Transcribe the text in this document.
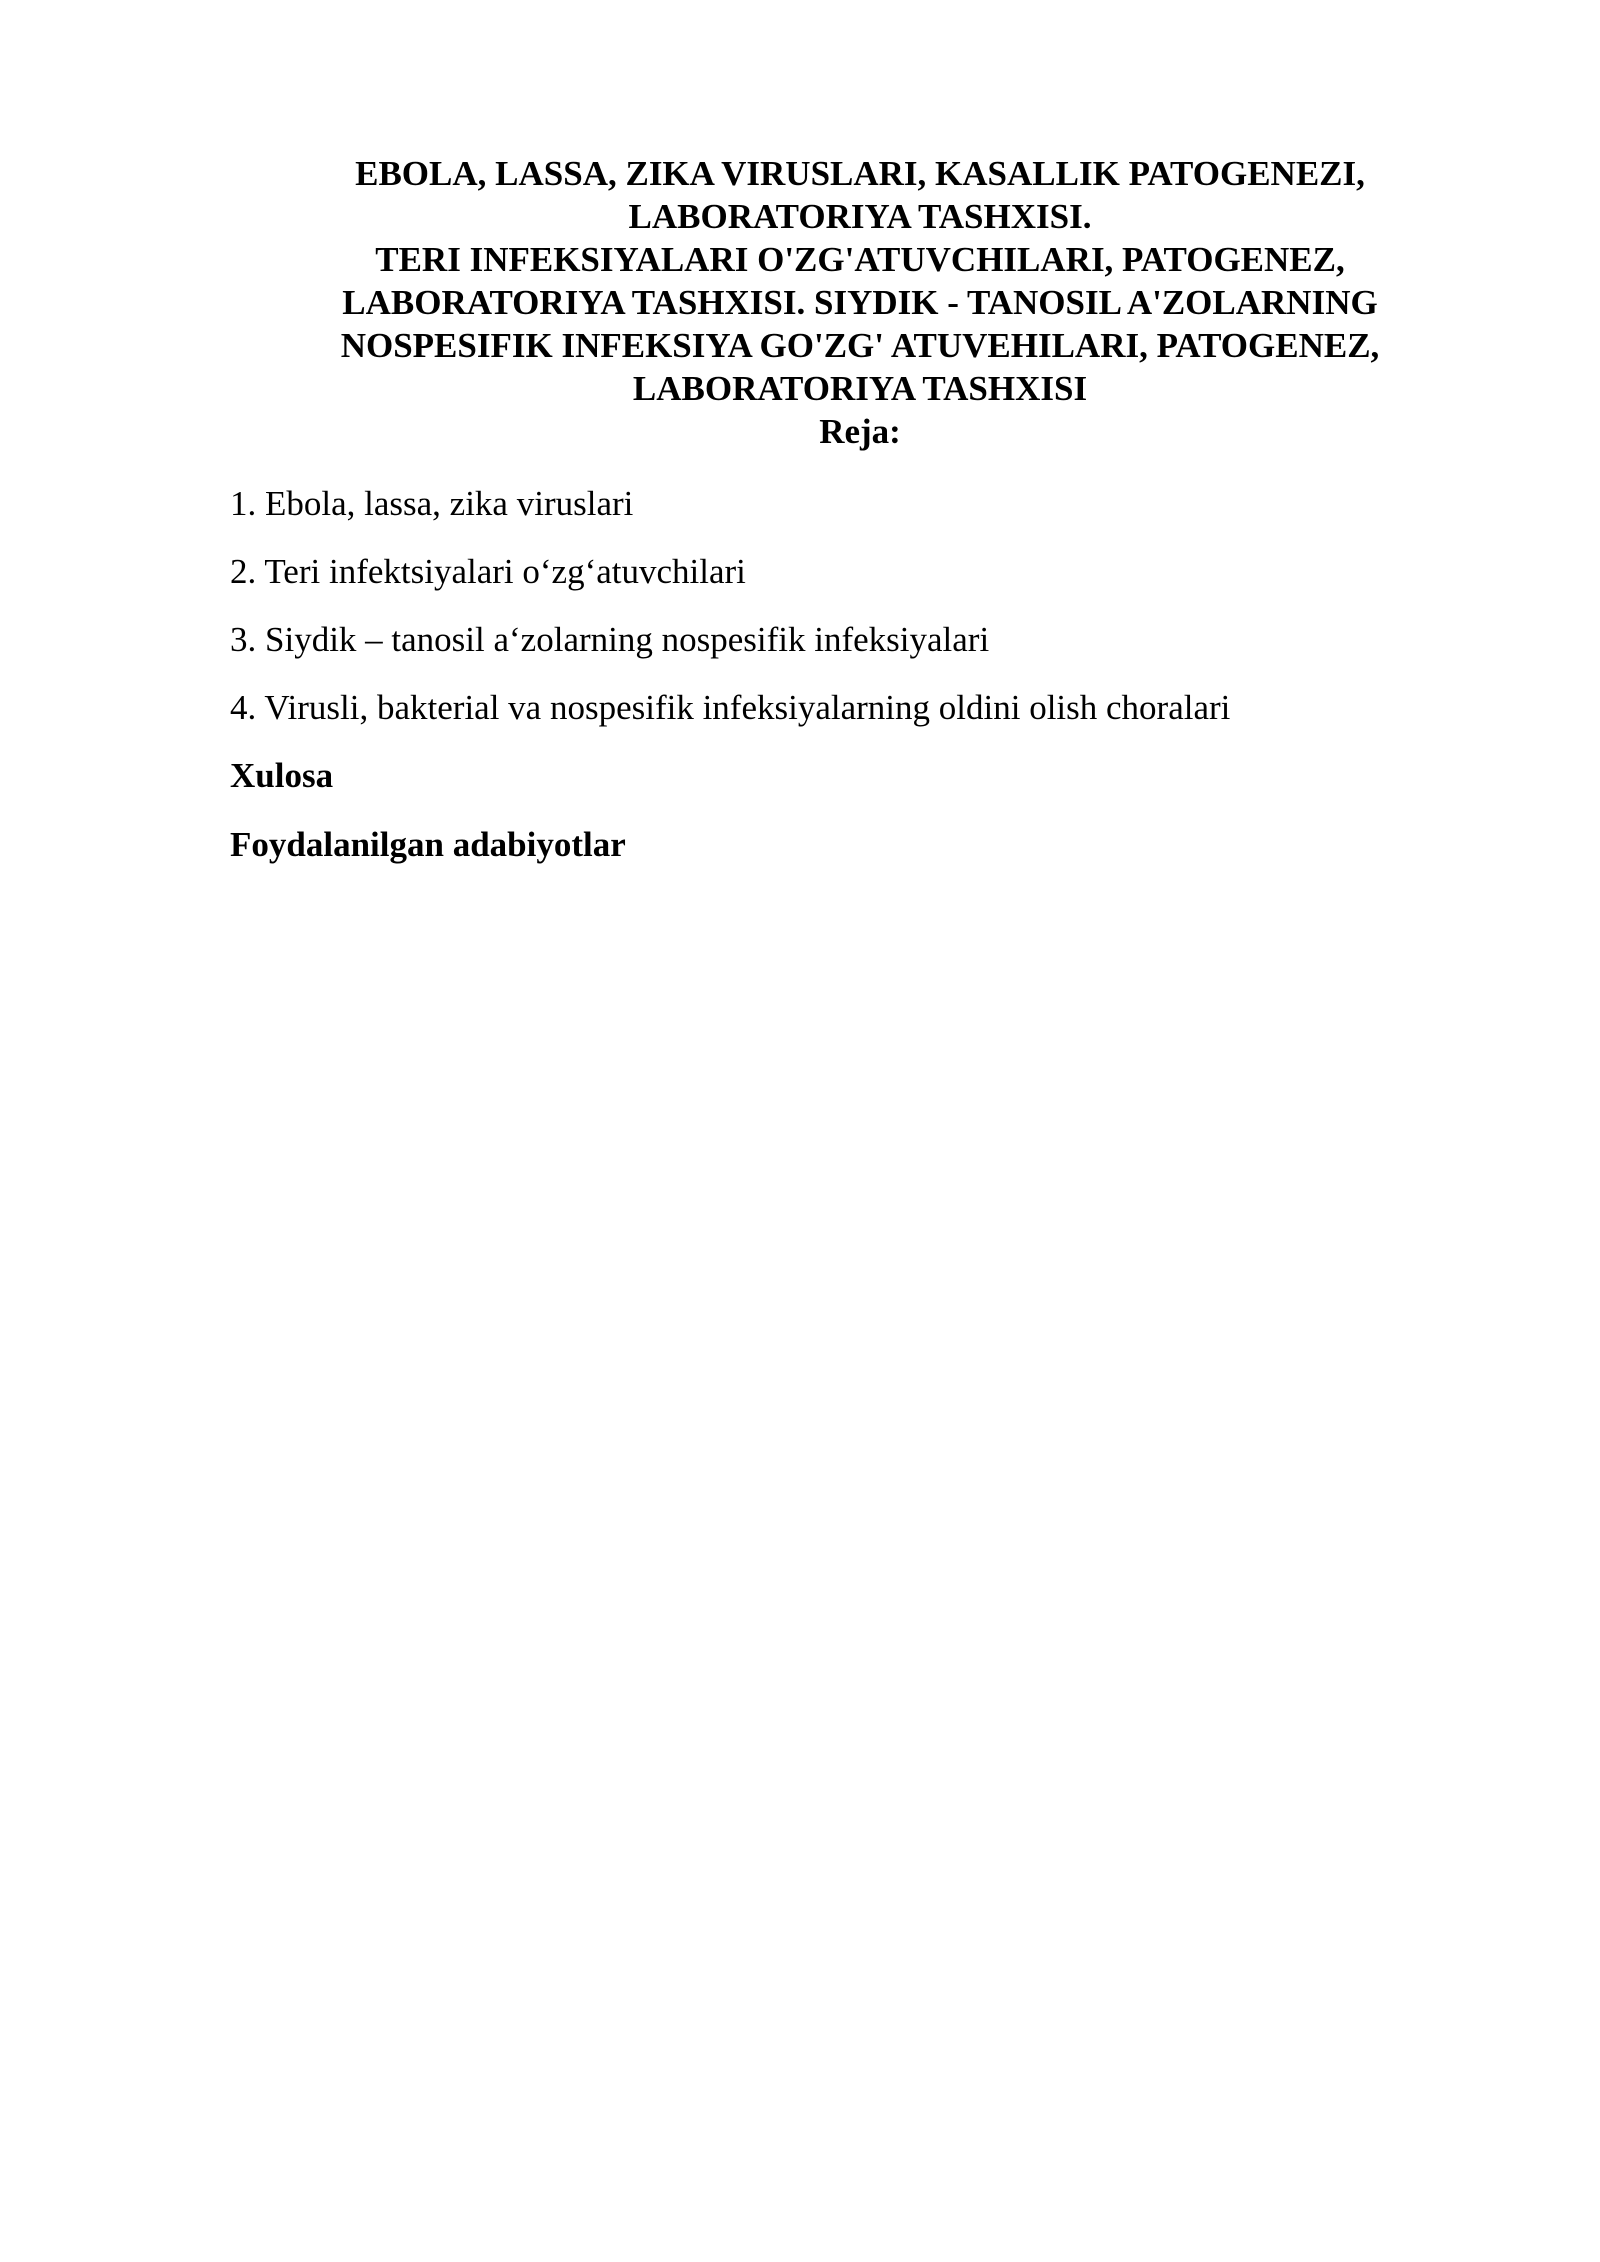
EBOLA, LASSA, ZIKA VIRUSLARI, KASALLIK PATOGENEZI,
LABORATORIYA TASHXISI.
TERI INFEKSIYALARI O'ZG'ATUVCHILARI, PATOGENEZ,
LABORATORIYA TASHXISI. SIYDIK - TANOSIL A'ZOLARNING
NOSPESIFIK INFEKSIYA GO'ZG' ATUVEHILARI, PATOGENEZ,
LABORATORIYA TASHXISI
Reja:
1. Ebola, lassa, zika viruslari
2. Teri infektsiyalari o‘zg‘atuvchilari
3. Siydik – tanosil a‘zolarning nospesifik infeksiyalari
4. Virusli, bakterial va nospesifik infeksiyalarning oldini olish choralari
Xulosa
Foydalanilgan adabiyotlar
